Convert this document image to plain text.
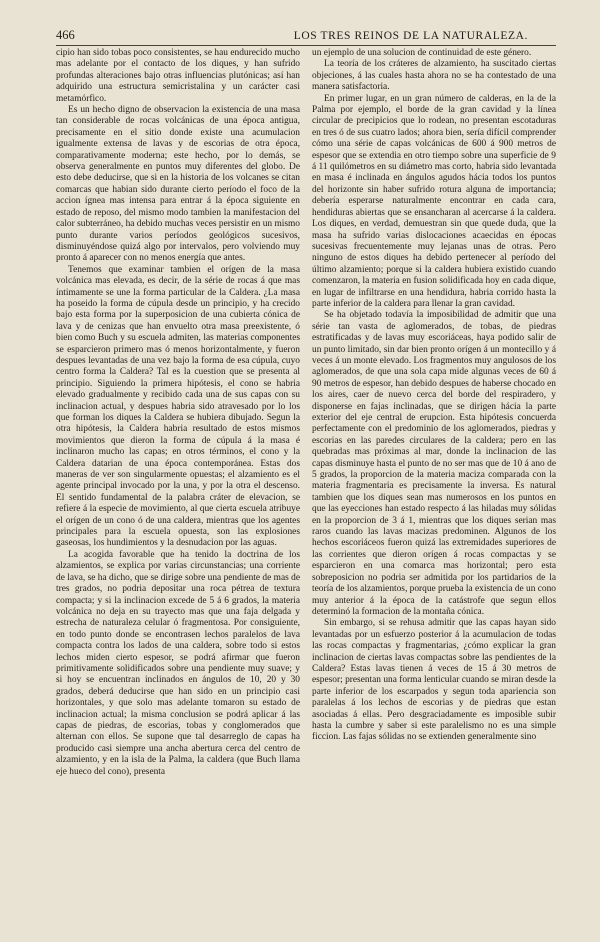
466	LOS TRES REINOS DE LA NATURALEZA.

cipio han sido tobas poco consistentes, se hau endurecido mucho mas adelante por el contacto de los diques, y han sufrido profundas alteraciones bajo otras influencias plutónicas; así han adquirido una estructura semicristalina y un carácter casi metamórfico.

Es un hecho digno de observacion la existencia de una masa tan considerable de rocas volcánicas de una época antigua, precisamente en el sitio donde existe una acumulacion igualmente extensa de lavas y de escorias de otra época, comparativamente moderna; este hecho, por lo demás, se observa generalmente en puntos muy diferentes del globo. De esto debe deducirse, que si en la historia de los volcanes se citan comarcas que habian sido durante cierto período el foco de la accion ígnea mas intensa para entrar á la época siguiente en estado de reposo, del mismo modo tambien la manifestacion del calor subterráneo, ha debido muchas veces persistir en un mismo punto durante varios períodos geológicos sucesivos, disminuyéndose quizá algo por intervalos, pero volviendo muy pronto á aparecer con no menos energía que antes.

Tenemos que examinar tambien el orígen de la masa volcánica mas elevada, es decir, de la série de rocas á que mas íntimamente se une la forma particular de la Caldera. ¿La masa ha poseido la forma de cúpula desde un principio, y ha crecido bajo esta forma por la superposicion de una cubierta cónica de lava y de cenizas que han envuelto otra masa preexistente, ó bien como Buch y su escuela admiten, las materias componentes se esparcieron primero mas ó menos horizontalmente, y fueron despues levantadas de una vez bajo la forma de esa cúpula, cuyo centro forma la Caldera? Tal es la cuestion que se presenta al principio. Siguiendo la primera hipótesis, el cono se habria elevado gradualmente y recibido cada una de sus capas con su inclinacion actual, y despues habria sido atravesado por lo los que forman los diques la Caldera se hubiera dibujado. Segun la otra hipótesis, la Caldera habria resultado de estos mismos movimientos que dieron la forma de cúpula á la masa é inclinaron mucho las capas; en otros términos, el cono y la Caldera datarian de una época contemporánea. Estas dos maneras de ver son singularmente opuestas; el alzamiento es el agente principal invocado por la una, y por la otra el descenso. El sentido fundamental de la palabra cráter de elevacion, se refiere á la especie de movimiento, al que cierta escuela atribuye el orígen de un cono ó de una caldera, mientras que los agentes principales para la escuela opuesta, son las explosiones gaseosas, los hundimientos y la desnudacion por las aguas.

La acogida favorable que ha tenido la doctrina de los alzamientos, se explica por varias circunstancias; una corriente de lava, se ha dicho, que se dirige sobre una pendiente de mas de tres grados, no podria depositar una roca pétrea de textura compacta; y si la inclinacion excede de 5 á 6 grados, la materia volcánica no deja en su trayecto mas que una faja delgada y estrecha de naturaleza celular ó fragmentosa. Por consiguiente, en todo punto donde se encontrasen lechos paralelos de lava compacta contra los lados de una caldera, sobre todo si estos lechos miden cierto espesor, se podrá afirmar que fueron primitivamente solidificados sobre una pendiente muy suave; y si hoy se encuentran inclinados en ángulos de 10, 20 y 30 grados, deberá deducirse que han sido en un principio casi horizontales, y que solo mas adelante tomaron su estado de inclinacion actual; la misma conclusion se podrá aplicar á las capas de piedras, de escorias, tobas y conglomerados que alternan con ellos. Se supone que tal desarreglo de capas ha producido casi siempre una ancha abertura cerca del centro de alzamiento, y en la isla de la Palma, la caldera (que Buch llama eje hueco del cono), presenta

un ejemplo de una solucion de continuidad de este género.

La teoría de los cráteres de alzamiento, ha suscitado ciertas objeciones, á las cuales hasta ahora no se ha contestado de una manera satisfactoria.

En primer lugar, en un gran número de calderas, en la de la Palma por ejemplo, el borde de la gran cavidad y la línea circular de precipicios que lo rodean, no presentan escotaduras en tres ó de sus cuatro lados; ahora bien, sería difícil comprender cómo una série de capas volcánicas de 600 á 900 metros de espesor que se extendia en otro tiempo sobre una superficie de 9 á 11 quilómetros en su diámetro mas corto, habria sido levantada en masa é inclinada en ángulos agudos hácia todos los puntos del horizonte sin haber sufrido rotura alguna de importancia; debería esperarse naturalmente encontrar en cada cara, hendiduras abiertas que se ensancharan al acercarse á la caldera. Los diques, en verdad, demuestran sin que quede duda, que la masa ha sufrido varias dislocaciones acaecidas en épocas sucesivas frecuentemente muy lejanas unas de otras. Pero ninguno de estos diques ha debido pertenecer al período del último alzamiento; porque si la caldera hubiera existido cuando comenzaron, la materia en fusion solidificada hoy en cada dique, en lugar de infiltrarse en una hendidura, habria corrido hasta la parte inferior de la caldera para llenar la gran cavidad.

Se ha objetado todavía la imposibilidad de admitir que una série tan vasta de aglomerados, de tobas, de piedras estratificadas y de lavas muy escoriáceas, haya podido salir de un punto limitado, sin dar bien pronto orígen á un montecillo y á veces á un monte elevado. Los fragmentos muy angulosos de los aglomerados, de que una sola capa mide algunas veces de 60 á 90 metros de espesor, han debido despues de haberse chocado en los aires, caer de nuevo cerca del borde del respiradero, y disponerse en fajas inclinadas, que se dirigen hácia la parte exterior del eje central de erupcion. Esta hipótesis concuerda perfectamente con el predominio de los aglomerados, piedras y escorias en las paredes circulares de la caldera; pero en las quebradas mas próximas al mar, donde la inclinacion de las capas disminuye hasta el punto de no ser mas que de 10 á ano de 5 grados, la proporcion de la materia maciza comparada con la materia fragmentaria es precisamente la inversa. Es natural tambien que los diques sean mas numerosos en los puntos en que las eyecciones han estado respecto á las hiladas muy sólidas en la proporcion de 3 á 1, mientras que los diques serian mas raros cuando las lavas macizas predominen. Algunos de los hechos escoriáceos fueron quizá las extremidades superiores de las corrientes que dieron orígen á rocas compactas y se esparcieron en una comarca mas horizontal; pero esta sobreposicion no podria ser admitida por los partidarios de la teoría de los alzamientos, porque prueba la existencia de un cono muy anterior á la época de la catástrofe que segun ellos determinó la formacion de la montaña cónica.

Sin embargo, si se rehusa admitir que las capas hayan sido levantadas por un esfuerzo posterior á la acumulacion de todas las rocas compactas y fragmentarias, ¿cómo explicar la gran inclinacion de ciertas lavas compactas sobre las pendientes de la Caldera? Estas lavas tienen á veces de 15 á 30 metros de espesor; presentan una forma lenticular cuando se miran desde la parte inferior de los escarpados y segun toda apariencia son paralelas á los lechos de escorias y de piedras que estan asociadas á ellas. Pero desgraciadamente es imposible subir hasta la cumbre y saber si este paralelismo no es una simple ficcion. Las fajas sólidas no se extienden generalmente sino
